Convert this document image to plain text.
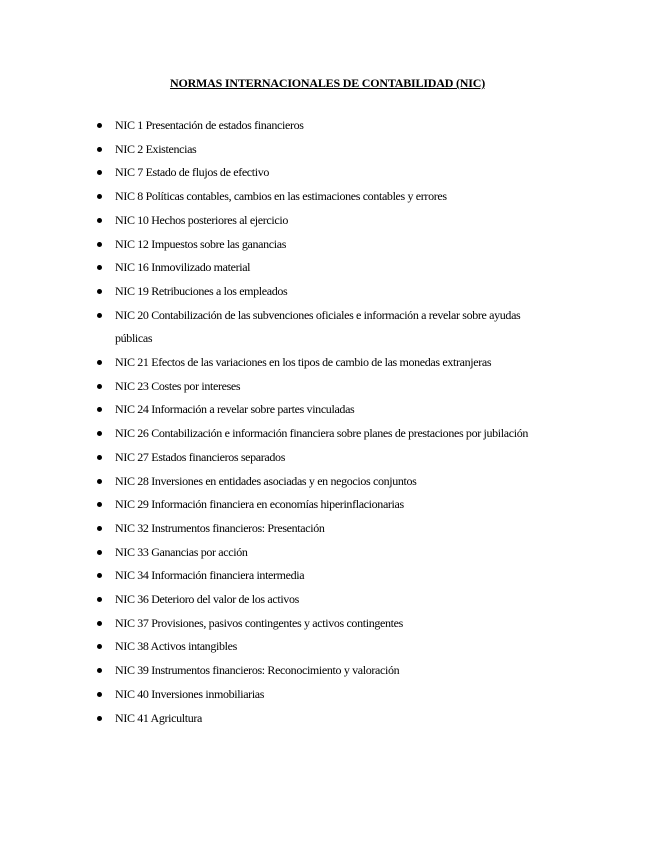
NORMAS INTERNACIONALES DE CONTABILIDAD (NIC)
NIC 1 Presentación de estados financieros
NIC 2 Existencias
NIC 7 Estado de flujos de efectivo
NIC 8 Políticas contables, cambios en las estimaciones contables y errores
NIC 10 Hechos posteriores al ejercicio
NIC 12 Impuestos sobre las ganancias
NIC 16 Inmovilizado material
NIC 19 Retribuciones a los empleados
NIC 20 Contabilización de las subvenciones oficiales e información a revelar sobre ayudas públicas
NIC 21 Efectos de las variaciones en los tipos de cambio de las monedas extranjeras
NIC 23 Costes por intereses
NIC 24 Información a revelar sobre partes vinculadas
NIC 26 Contabilización e información financiera sobre planes de prestaciones por jubilación
NIC 27 Estados financieros separados
NIC 28 Inversiones en entidades asociadas y en negocios conjuntos
NIC 29 Información financiera en economías hiperinflacionarias
NIC 32 Instrumentos financieros: Presentación
NIC 33 Ganancias por acción
NIC 34 Información financiera intermedia
NIC 36 Deterioro del valor de los activos
NIC 37 Provisiones, pasivos contingentes y activos contingentes
NIC 38 Activos intangibles
NIC 39 Instrumentos financieros: Reconocimiento y valoración
NIC 40 Inversiones inmobiliarias
NIC 41 Agricultura
